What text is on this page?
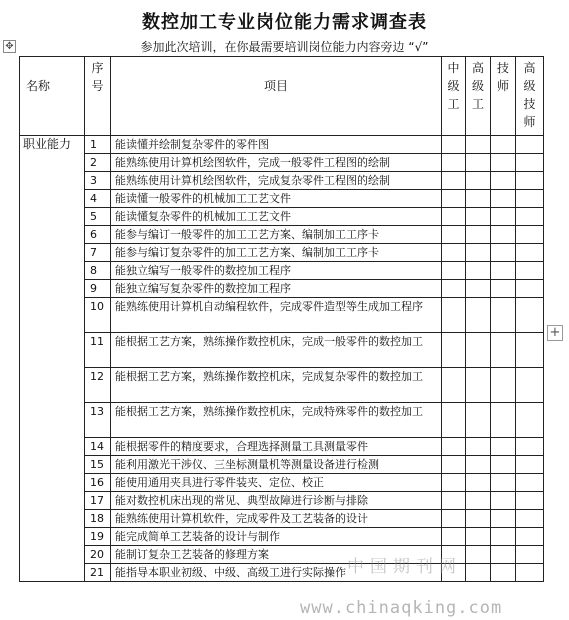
数控加工专业岗位能力需求调查表
✥	参加此次培训，在你最需要培训岗位能力内容旁边 “√”
名称	序号	项目	中级工	高级工	技师	高级技师
职业能力	1	能读懂并绘制复杂零件的零件图				
	2	能熟练使用计算机绘图软件，完成一般零件工程图的绘制				
	3	能熟练使用计算机绘图软件，完成复杂零件工程图的绘制				
	4	能读懂一般零件的机械加工工艺文件				
	5	能读懂复杂零件的机械加工工艺文件				
	6	能参与编订一般零件的加工工艺方案、编制加工工序卡				
	7	能参与编订复杂零件的加工工艺方案、编制加工工序卡				
	8	能独立编写一般零件的数控加工程序				
	9	能独立编写复杂零件的数控加工程序				
	10	能熟练使用计算机自动编程软件，完成零件造型等生成加工程序				
	11	能根据工艺方案，熟练操作数控机床，完成一般零件的数控加工				
	12	能根据工艺方案，熟练操作数控机床，完成复杂零件的数控加工				
	13	能根据工艺方案，熟练操作数控机床，完成特殊零件的数控加工				
	14	能根据零件的精度要求，合理选择测量工具测量零件				
	15	能利用激光干涉仪、三坐标测量机等测量设备进行检测				
	16	能使用通用夹具进行零件装夹、定位、校正				
	17	能对数控机床出现的常见、典型故障进行诊断与排除				
	18	能熟练使用计算机软件，完成零件及工艺装备的设计				
	19	能完成简单工艺装备的设计与制作				
	20	能制订复杂工艺装备的修理方案				
	21	能指导本职业初级、中级、高级工进行实际操作				
+
中国期刊网
www.chinaqking.com
